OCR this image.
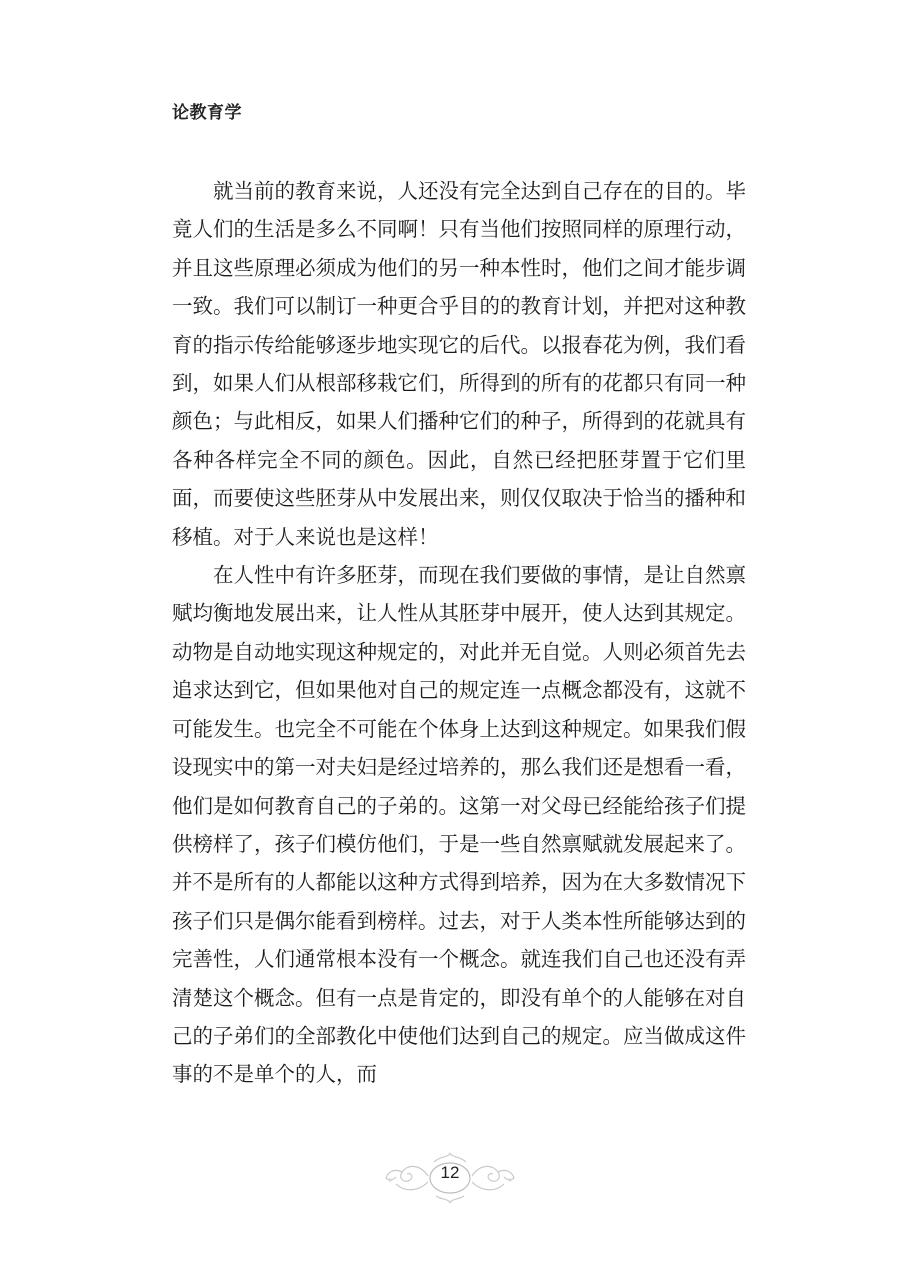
论教育学

就当前的教育来说，人还没有完全达到自己存在的目的。毕竟人们的生活是多么不同啊！只有当他们按照同样的原理行动，并且这些原理必须成为他们的另一种本性时，他们之间才能步调一致。我们可以制订一种更合乎目的的教育计划，并把对这种教育的指示传给能够逐步地实现它的后代。以报春花为例，我们看到，如果人们从根部移栽它们，所得到的所有的花都只有同一种颜色；与此相反，如果人们播种它们的种子，所得到的花就具有各种各样完全不同的颜色。因此，自然已经把胚芽置于它们里面，而要使这些胚芽从中发展出来，则仅仅取决于恰当的播种和移植。对于人来说也是这样！

在人性中有许多胚芽，而现在我们要做的事情，是让自然禀赋均衡地发展出来，让人性从其胚芽中展开，使人达到其规定。动物是自动地实现这种规定的，对此并无自觉。人则必须首先去追求达到它，但如果他对自己的规定连一点概念都没有，这就不可能发生。也完全不可能在个体身上达到这种规定。如果我们假设现实中的第一对夫妇是经过培养的，那么我们还是想看一看，他们是如何教育自己的子弟的。这第一对父母已经能给孩子们提供榜样了，孩子们模仿他们，于是一些自然禀赋就发展起来了。并不是所有的人都能以这种方式得到培养，因为在大多数情况下孩子们只是偶尔能看到榜样。过去，对于人类本性所能够达到的完善性，人们通常根本没有一个概念。就连我们自己也还没有弄清楚这个概念。但有一点是肯定的，即没有单个的人能够在对自己的子弟们的全部教化中使他们达到自己的规定。应当做成这件事的不是单个的人，而

12
